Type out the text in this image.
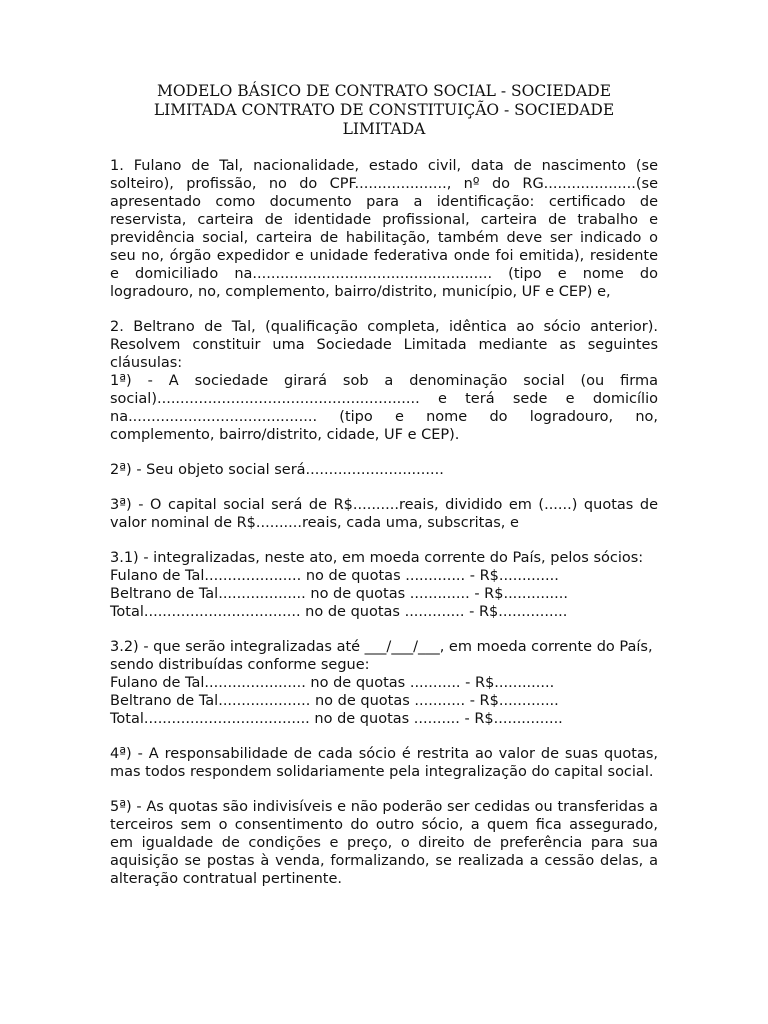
MODELO BÁSICO DE CONTRATO SOCIAL - SOCIEDADE
LIMITADA CONTRATO DE CONSTITUIÇÃO - SOCIEDADE
LIMITADA

1. Fulano de Tal, nacionalidade, estado civil, data de nascimento (se solteiro), profissão, no do CPF...................., nº do RG....................(se apresentado como documento para a identificação: certificado de reservista, carteira de identidade profissional, carteira de trabalho e previdência social, carteira de habilitação, também deve ser indicado o seu no, órgão expedidor e unidade federativa onde foi emitida), residente e domiciliado na.................................................... (tipo e nome do logradouro, no, complemento, bairro/distrito, município, UF e CEP) e,

2. Beltrano de Tal, (qualificação completa, idêntica ao sócio anterior). Resolvem constituir uma Sociedade Limitada mediante as seguintes cláusulas:

1ª) - A sociedade girará sob a denominação social (ou firma social)......................................................... e terá sede e domicílio na......................................... (tipo e nome do logradouro, no, complemento, bairro/distrito, cidade, UF e CEP).

2ª) - Seu objeto social será..............................

3ª) - O capital social será de R$..........reais, dividido em (......) quotas de valor nominal de R$..........reais, cada uma, subscritas, e

3.1) - integralizadas, neste ato, em moeda corrente do País, pelos sócios:
Fulano de Tal..................... no de quotas ............. - R$.............
Beltrano de Tal................... no de quotas ............. - R$..............
Total.................................. no de quotas ............. - R$...............

3.2) - que serão integralizadas até ___/___/___, em moeda corrente do País, sendo distribuídas conforme segue:
Fulano de Tal...................... no de quotas ........... - R$.............
Beltrano de Tal.................... no de quotas ........... - R$.............
Total.................................... no de quotas .......... - R$...............

4ª) - A responsabilidade de cada sócio é restrita ao valor de suas quotas, mas todos respondem solidariamente pela integralização do capital social.

5ª) - As quotas são indivisíveis e não poderão ser cedidas ou transferidas a terceiros sem o consentimento do outro sócio, a quem fica assegurado, em igualdade de condições e preço, o direito de preferência para sua aquisição se postas à venda, formalizando, se realizada a cessão delas, a alteração contratual pertinente.
